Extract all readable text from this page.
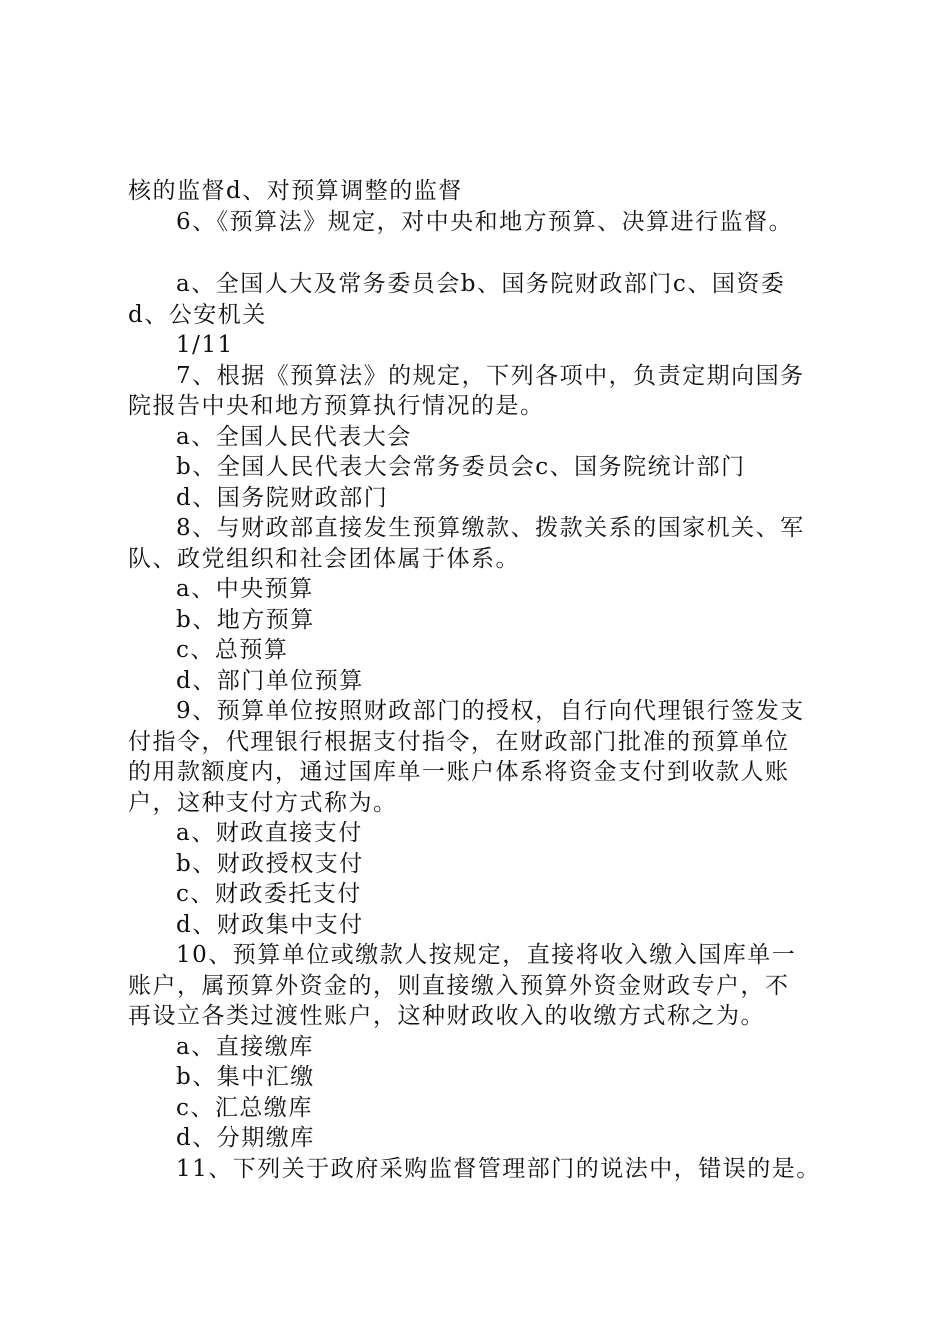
核的监督d、对预算调整的监督
6、《预算法》规定，对中央和地方预算、决算进行监督。
a、全国人大及常务委员会b、国务院财政部门c、国资委
d、公安机关
1/11
7、根据《预算法》的规定，下列各项中，负责定期向国务
院报告中央和地方预算执行情况的是。
a、全国人民代表大会
b、全国人民代表大会常务委员会c、国务院统计部门
d、国务院财政部门
8、与财政部直接发生预算缴款、拨款关系的国家机关、军
队、政党组织和社会团体属于体系。
a、中央预算
b、地方预算
c、总预算
d、部门单位预算
9、预算单位按照财政部门的授权，自行向代理银行签发支
付指令，代理银行根据支付指令，在财政部门批准的预算单位
的用款额度内，通过国库单一账户体系将资金支付到收款人账
户，这种支付方式称为。
a、财政直接支付
b、财政授权支付
c、财政委托支付
d、财政集中支付
10、预算单位或缴款人按规定，直接将收入缴入国库单一
账户，属预算外资金的，则直接缴入预算外资金财政专户，不
再设立各类过渡性账户，这种财政收入的收缴方式称之为。
a、直接缴库
b、集中汇缴
c、汇总缴库
d、分期缴库
11、下列关于政府采购监督管理部门的说法中，错误的是。
